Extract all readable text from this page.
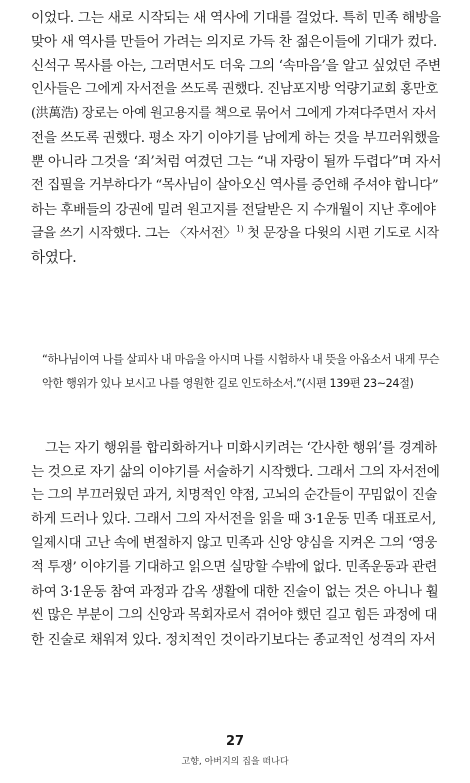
이었다. 그는 새로 시작되는 새 역사에 기대를 걸었다. 특히 민족 해방을
맞아 새 역사를 만들어 가려는 의지로 가득 찬 젊은이들에 기대가 컸다.
신석구 목사를 아는, 그러면서도 더욱 그의 ‘속마음’을 알고 싶었던 주변
인사들은 그에게 자서전을 쓰도록 권했다. 진남포지방 억량기교회 홍만호
(洪萬浩) 장로는 아예 원고용지를 책으로 묶어서 그에게 가져다주면서 자서
전을 쓰도록 권했다. 평소 자기 이야기를 남에게 하는 것을 부끄러워했을
뿐 아니라 그것을 ‘죄’처럼 여겼던 그는 “내 자랑이 될까 두렵다”며 자서
전 집필을 거부하다가 “목사님이 살아오신 역사를 증언해 주셔야 합니다”
하는 후배들의 강권에 밀려 원고지를 전달받은 지 수개월이 지난 후에야
글을 쓰기 시작했다. 그는 〈자서전〉$^{1)}$ 첫 문장을 다윗의 시편 기도로 시작
하였다.
“하나님이여 나를 살피사 내 마음을 아시며 나를 시험하사 내 뜻을 아옵소서 내게 무슨
악한 행위가 있나 보시고 나를 영원한 길로 인도하소서.”(시편 139편 23~24절)
그는 자기 행위를 합리화하거나 미화시키려는 ‘간사한 행위’를 경계하
는 것으로 자기 삶의 이야기를 서술하기 시작했다. 그래서 그의 자서전에
는 그의 부끄러웠던 과거, 치명적인 약점, 고뇌의 순간들이 꾸밈없이 진술
하게 드러나 있다. 그래서 그의 자서전을 읽을 때 3·1운동 민족 대표로서,
일제시대 고난 속에 변절하지 않고 민족과 신앙 양심을 지켜온 그의 ‘영웅
적 투쟁’ 이야기를 기대하고 읽으면 실망할 수밖에 없다. 민족운동과 관련
하여 3·1운동 참여 과정과 감옥 생활에 대한 진술이 없는 것은 아니나 훨
씬 많은 부분이 그의 신앙과 목회자로서 겪어야 했던 길고 힘든 과정에 대
한 진술로 채워져 있다. 정치적인 것이라기보다는 종교적인 성격의 자서
27
고향, 아버지의 집을 떠나다
